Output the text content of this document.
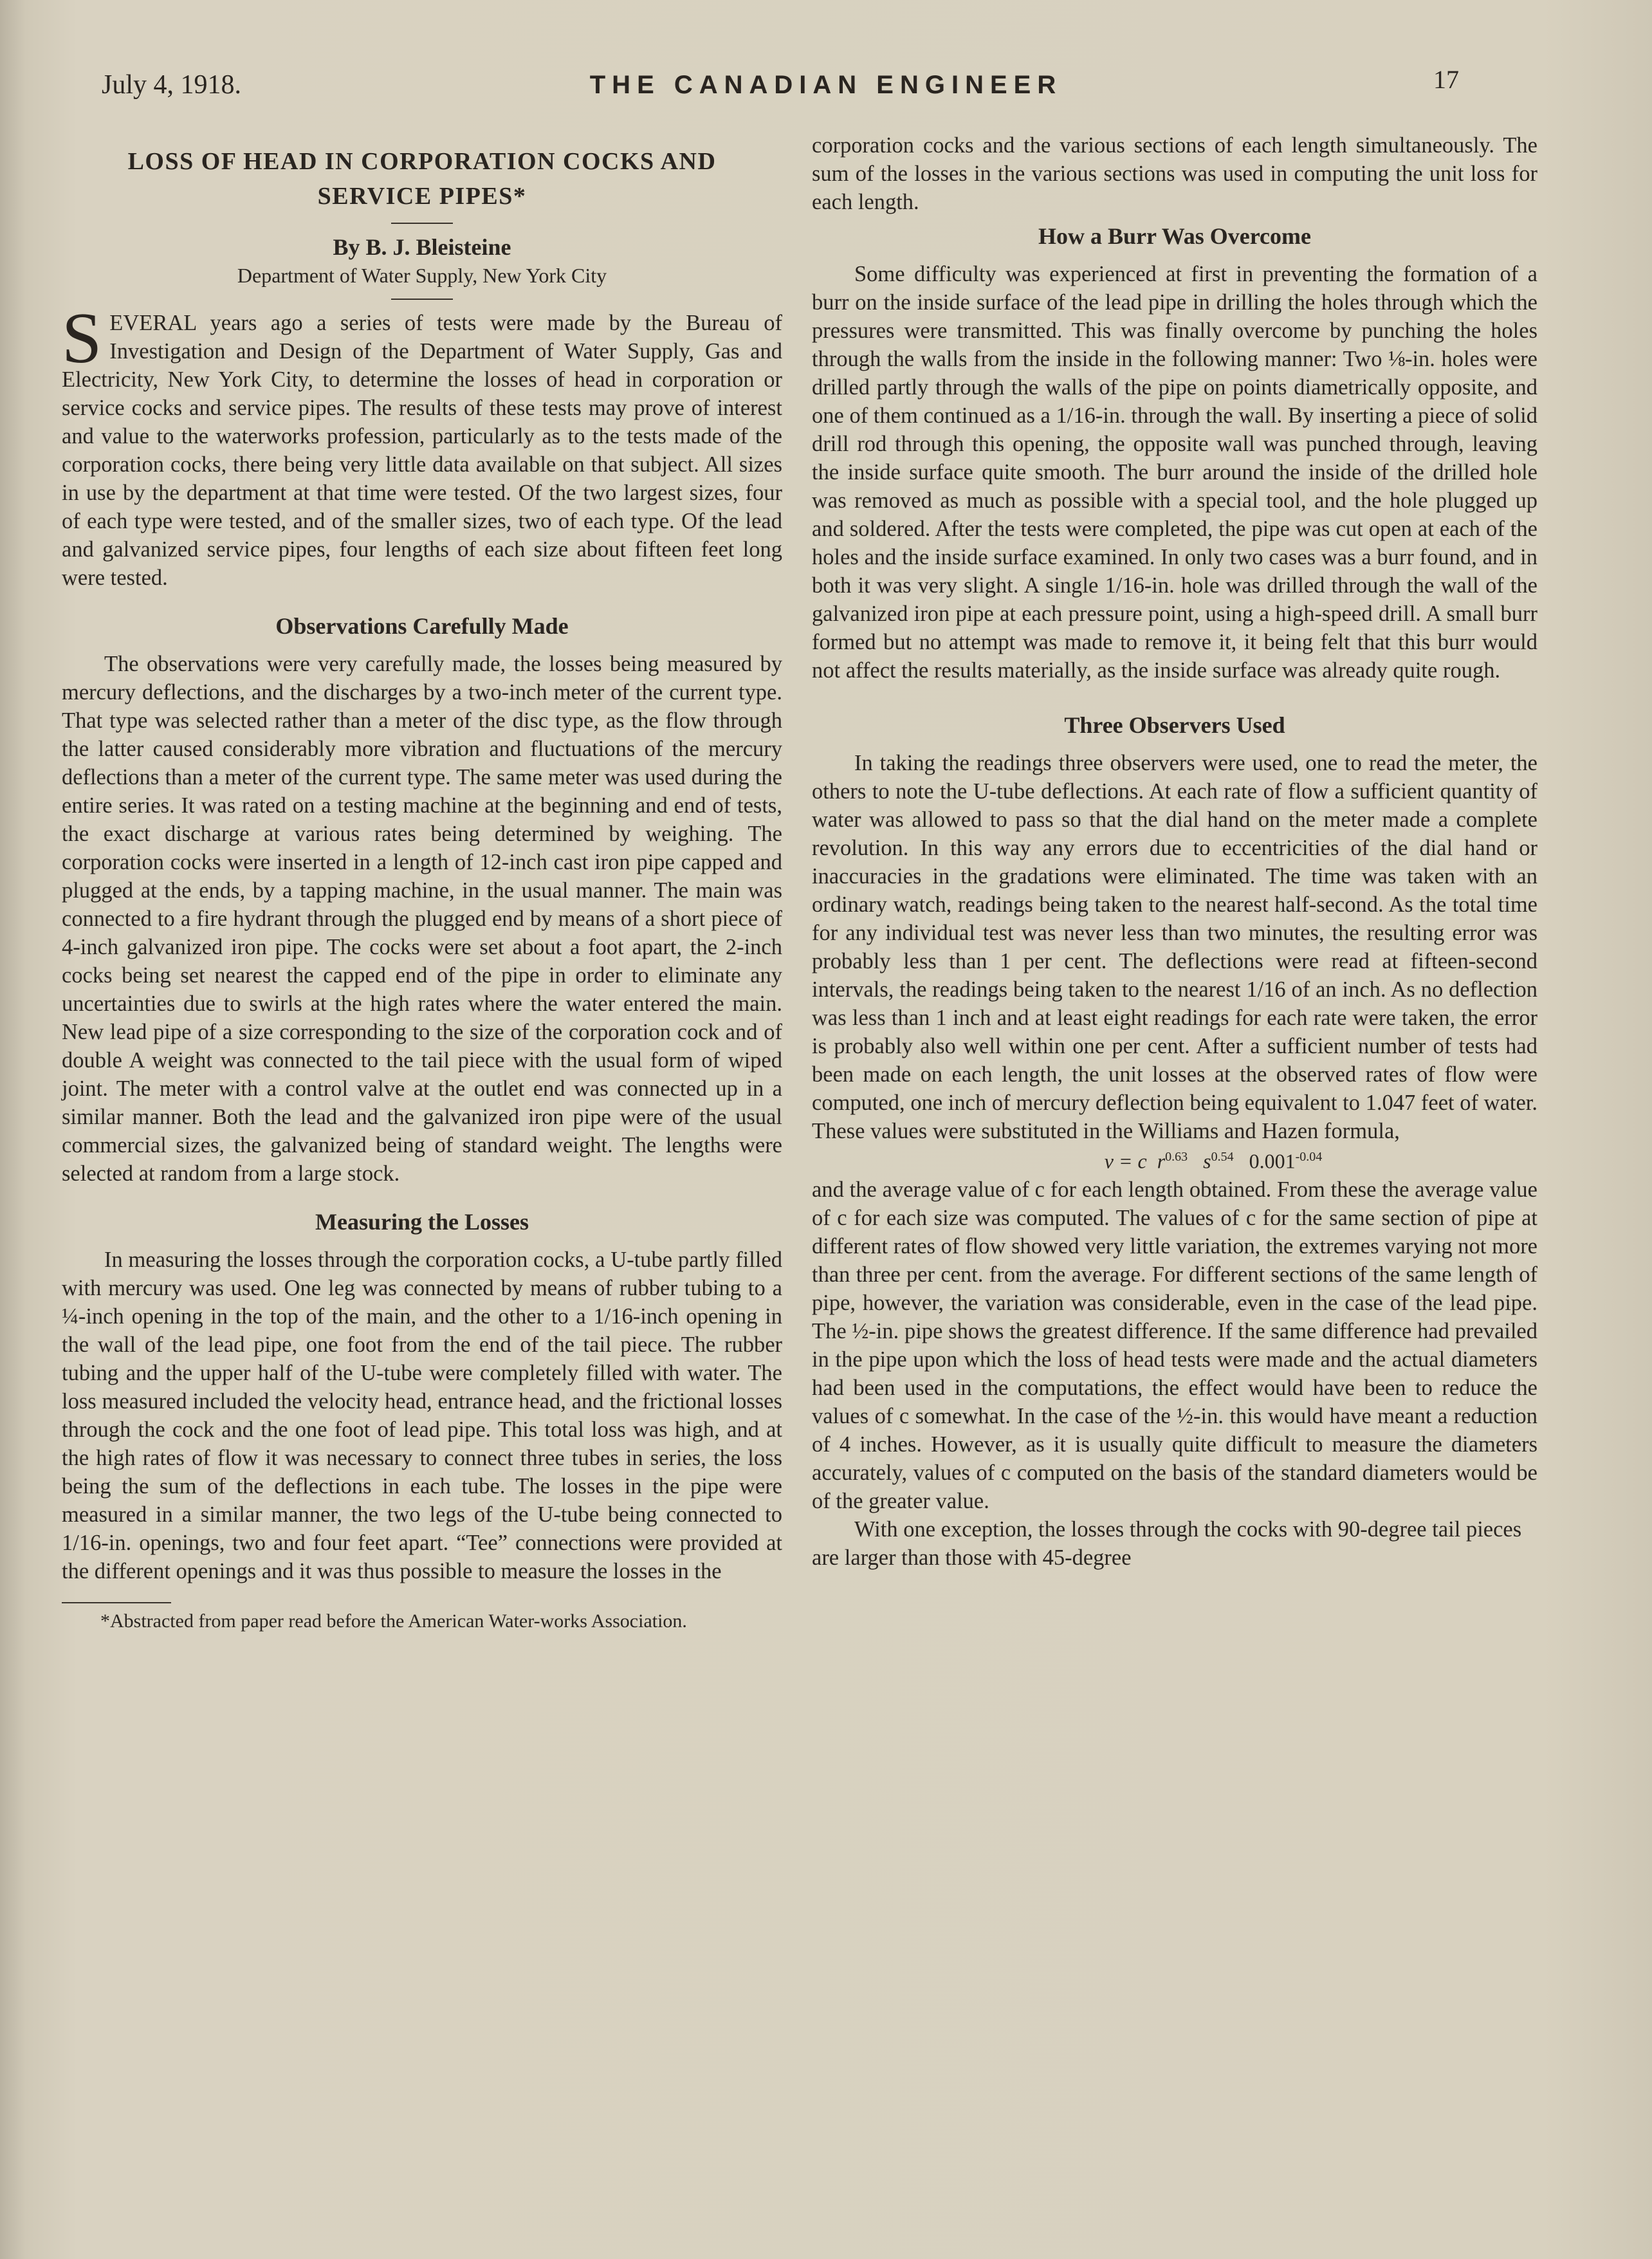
July 4, 1918.	THE CANADIAN ENGINEER	17
LOSS OF HEAD IN CORPORATION COCKS AND
SERVICE PIPES*
By B. J. Bleisteine
Department of Water Supply, New York City

SEVERAL years ago a series of tests were made by the Bureau of Investigation and Design of the Department of Water Supply, Gas and Electricity, New York City, to determine the losses of head in corporation or service cocks and service pipes. The results of these tests may prove of interest and value to the waterworks profession, particularly as to the tests made of the corporation cocks, there being very little data available on that subject. All sizes in use by the department at that time were tested. Of the two largest sizes, four of each type were tested, and of the smaller sizes, two of each type. Of the lead and galvanized service pipes, four lengths of each size about fifteen feet long were tested.

Observations Carefully Made

The observations were very carefully made, the losses being measured by mercury deflections, and the discharges by a two-inch meter of the current type. That type was selected rather than a meter of the disc type, as the flow through the latter caused considerably more vibration and fluctuations of the mercury deflections than a meter of the current type. The same meter was used during the entire series. It was rated on a testing machine at the beginning and end of tests, the exact discharge at various rates being determined by weighing. The corporation cocks were inserted in a length of 12-inch cast iron pipe capped and plugged at the ends, by a tapping machine, in the usual manner. The main was connected to a fire hydrant through the plugged end by means of a short piece of 4-inch galvanized iron pipe. The cocks were set about a foot apart, the 2-inch cocks being set nearest the capped end of the pipe in order to eliminate any uncertainties due to swirls at the high rates where the water entered the main. New lead pipe of a size corresponding to the size of the corporation cock and of double A weight was connected to the tail piece with the usual form of wiped joint. The meter with a control valve at the outlet end was connected up in a similar manner. Both the lead and the galvanized iron pipe were of the usual commercial sizes, the galvanized being of standard weight. The lengths were selected at random from a large stock.

Measuring the Losses

In measuring the losses through the corporation cocks, a U-tube partly filled with mercury was used. One leg was connected by means of rubber tubing to a ¼-inch opening in the top of the main, and the other to a 1/16-inch opening in the wall of the lead pipe, one foot from the end of the tail piece. The rubber tubing and the upper half of the U-tube were completely filled with water. The loss measured included the velocity head, entrance head, and the frictional losses through the cock and the one foot of lead pipe. This total loss was high, and at the high rates of flow it was necessary to connect three tubes in series, the loss being the sum of the deflections in each tube. The losses in the pipe were measured in a similar manner, the two legs of the U-tube being connected to 1/16-in. openings, two and four feet apart. “Tee” connections were provided at the different openings and it was thus possible to measure the losses in the

*Abstracted from paper read before the American Water-works Association.

corporation cocks and the various sections of each length simultaneously. The sum of the losses in the various sections was used in computing the unit loss for each length.

How a Burr Was Overcome

Some difficulty was experienced at first in preventing the formation of a burr on the inside surface of the lead pipe in drilling the holes through which the pressures were transmitted. This was finally overcome by punching the holes through the walls from the inside in the following manner: Two ⅛-in. holes were drilled partly through the walls of the pipe on points diametrically opposite, and one of them continued as a 1/16-in. through the wall. By inserting a piece of solid drill rod through this opening, the opposite wall was punched through, leaving the inside surface quite smooth. The burr around the inside of the drilled hole was removed as much as possible with a special tool, and the hole plugged up and soldered. After the tests were completed, the pipe was cut open at each of the holes and the inside surface examined. In only two cases was a burr found, and in both it was very slight. A single 1/16-in. hole was drilled through the wall of the galvanized iron pipe at each pressure point, using a high-speed drill. A small burr formed but no attempt was made to remove it, it being felt that this burr would not affect the results materially, as the inside surface was already quite rough.

Three Observers Used

In taking the readings three observers were used, one to read the meter, the others to note the U-tube deflections. At each rate of flow a sufficient quantity of water was allowed to pass so that the dial hand on the meter made a complete revolution. In this way any errors due to eccentricities of the dial hand or inaccuracies in the gradations were eliminated. The time was taken with an ordinary watch, readings being taken to the nearest half-second. As the total time for any individual test was never less than two minutes, the resulting error was probably less than 1 per cent. The deflections were read at fifteen-second intervals, the readings being taken to the nearest 1/16 of an inch. As no deflection was less than 1 inch and at least eight readings for each rate were taken, the error is probably also well within one per cent. After a sufficient number of tests had been made on each length, the unit losses at the observed rates of flow were computed, one inch of mercury deflection being equivalent to 1.047 feet of water. These values were substituted in the Williams and Hazen formula,

v = c $r^{0.63}$ $s^{0.54}$ $0.001^{-0.04}$

and the average value of c for each length obtained. From these the average value of c for each size was computed. The values of c for the same section of pipe at different rates of flow showed very little variation, the extremes varying not more than three per cent. from the average. For different sections of the same length of pipe, however, the variation was considerable, even in the case of the lead pipe. The ½-in. pipe shows the greatest difference. If the same difference had prevailed in the pipe upon which the loss of head tests were made and the actual diameters had been used in the computations, the effect would have been to reduce the values of c somewhat. In the case of the ½-in. this would have meant a reduction of 4 inches. However, as it is usually quite difficult to measure the diameters accurately, values of c computed on the basis of the standard diameters would be of the greater value.

With one exception, the losses through the cocks with 90-degree tail pieces are larger than those with 45-degree
